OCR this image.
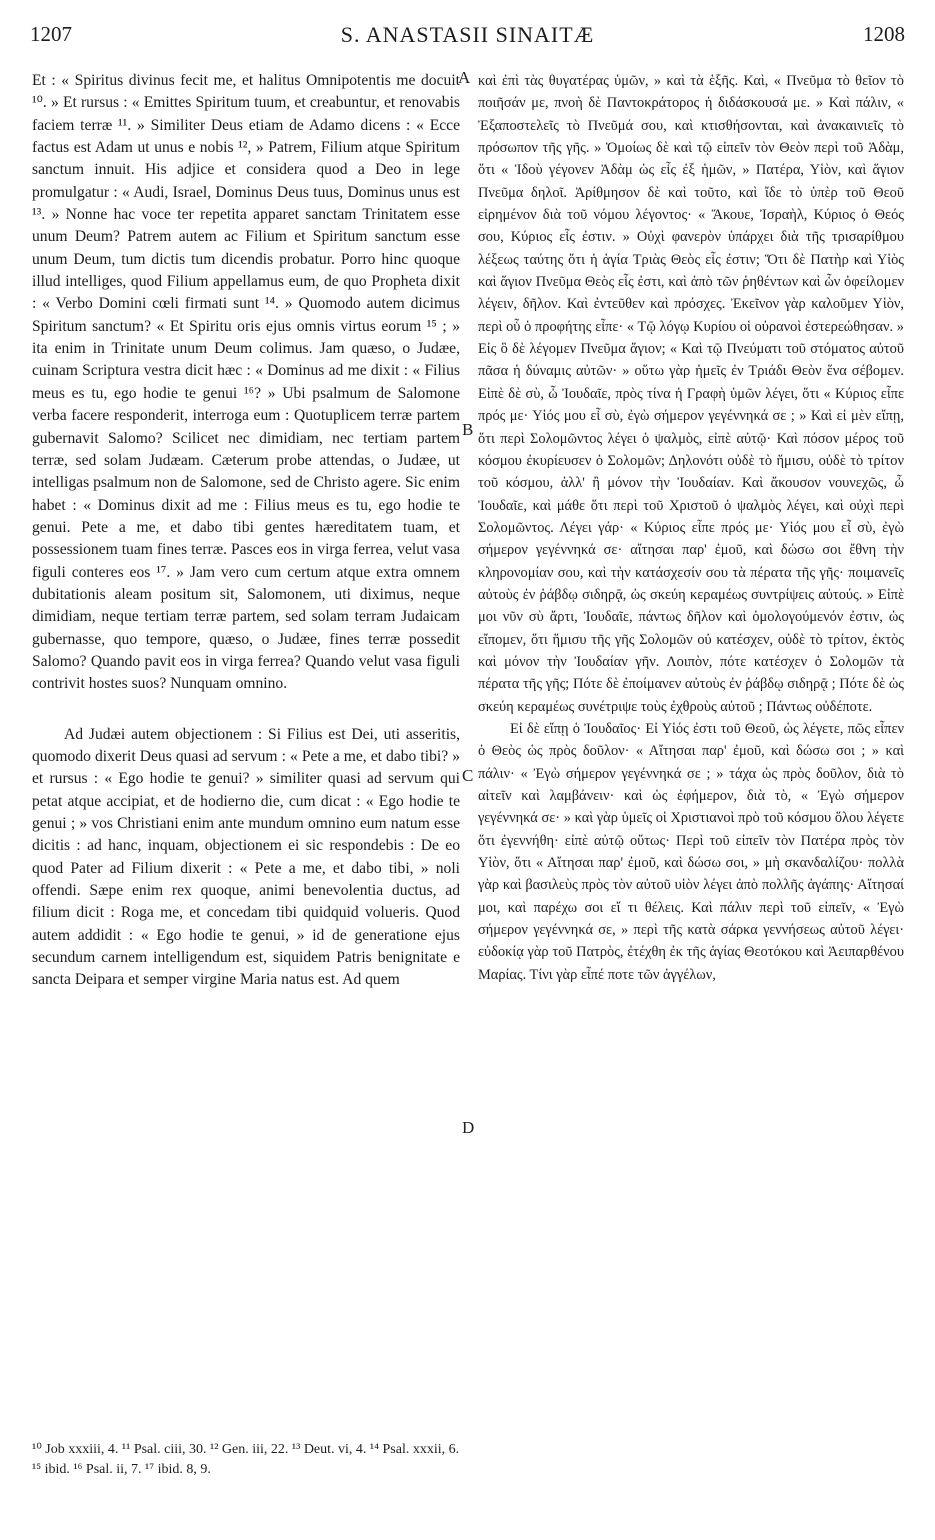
1207	S. ANASTASII SINAITÆ	1208

Et : « Spiritus divinus fecit me, et halitus Omnipotentis me docuit ¹⁰. » Et rursus : « Emittes Spiritum tuum, et creabuntur, et renovabis faciem terræ ¹¹. » Similiter Deus etiam de Adamo dicens : « Ecce factus est Adam ut unus e nobis ¹², » Patrem, Filium atque Spiritum sanctum innuit. His adjice et considera quod a Deo in lege promulgatur : « Audi, Israel, Dominus Deus tuus, Dominus unus est ¹³. » Nonne hac voce ter repetita apparet sanctam Trinitatem esse unum Deum? Patrem autem ac Filium et Spiritum sanctum esse unum Deum, tum dictis tum dicendis probatur. Porro hinc quoque illud intelliges, quod Filium appellamus eum, de quo Propheta dixit : « Verbo Domini cœli firmati sunt ¹⁴. » Quomodo autem dicimus Spiritum sanctum? « Et Spiritu oris ejus omnis virtus eorum ¹⁵ ; » ita enim in Trinitate unum Deum colimus. Jam quæso, o Judæe, cuinam Scriptura vestra dicit hæc : « Dominus ad me dixit : « Filius meus es tu, ego hodie te genui ¹⁶? » Ubi psalmum de Salomone verba facere responderit, interroga eum : Quotuplicem terræ partem gubernavit Salomo? Scilicet nec dimidiam, nec tertiam partem terræ, sed solam Judæam. Cæterum probe attendas, o Judæe, ut intelligas psalmum non de Salomone, sed de Christo agere. Sic enim habet : « Dominus dixit ad me : Filius meus es tu, ego hodie te genui. Pete a me, et dabo tibi gentes hæreditatem tuam, et possessionem tuam fines terræ. Pasces eos in virga ferrea, velut vasa figuli conteres eos ¹⁷. » Jam vero cum certum atque extra omnem dubitationis aleam positum sit, Salomonem, uti diximus, neque dimidiam, neque tertiam terræ partem, sed solam terram Judaicam gubernasse, quo tempore, quæso, o Judæe, fines terræ possedit Salomo? Quando pavit eos in virga ferrea? Quando velut vasa figuli contrivit hostes suos? Nunquam omnino.

Ad Judæi autem objectionem : Si Filius est Dei, uti asseritis, quomodo dixerit Deus quasi ad servum : « Pete a me, et dabo tibi? » et rursus : « Ego hodie te genui? » similiter quasi ad servum qui petat atque accipiat, et de hodierno die, cum dicat : « Ego hodie te genui ; » vos Christiani enim ante mundum omnino eum natum esse dicitis : ad hanc, inquam, objectionem ei sic respondebis : De eo quod Pater ad Filium dixerit : « Pete a me, et dabo tibi, » noli offendi. Sæpe enim rex quoque, animi benevolentia ductus, ad filium dicit : Roga me, et concedam tibi quidquid volueris. Quod autem addidit : « Ego hodie te genui, » id de generatione ejus secundum carnem intelligendum est, siquidem Patris benignitate e sancta Deipara et semper virgine Maria natus est. Ad quem

A
B
C
D

καὶ ἐπὶ τὰς θυγατέρας ὑμῶν, » καὶ τὰ ἑξῆς. Καὶ, « Πνεῦμα τὸ θεῖον τὸ ποιῆσάν με, πνοὴ δὲ Παντοκράτορος ἡ διδάσκουσά με. » Καὶ πάλιν, « Ἐξαποστελεῖς τὸ Πνεῦμά σου, καὶ κτισθήσονται, καὶ ἀνακαινιεῖς τὸ πρόσωπον τῆς γῆς. » Ὁμοίως δὲ καὶ τῷ εἰπεῖν τὸν Θεὸν περὶ τοῦ Ἀδὰμ, ὅτι « Ἰδοὺ γέγονεν Ἀδὰμ ὡς εἷς ἐξ ἡμῶν, » Πατέρα, Υἱὸν, καὶ ἅγιον Πνεῦμα δηλοῖ. Ἀρίθμησον δὲ καὶ τοῦτο, καὶ ἴδε τὸ ὑπὲρ τοῦ Θεοῦ εἰρημένον διὰ τοῦ νόμου λέγοντος· « Ἄκουε, Ἰσραὴλ, Κύριος ὁ Θεός σου, Κύριος εἷς ἐστιν. » Οὐχὶ φανερὸν ὑπάρχει διὰ τῆς τρισαρίθμου λέξεως ταύτης ὅτι ἡ ἁγία Τριὰς Θεὸς εἷς ἐστιν; Ὅτι δὲ Πατὴρ καὶ Υἱὸς καὶ ἅγιον Πνεῦμα Θεὸς εἷς ἐστι, καὶ ἀπὸ τῶν ῥηθέντων καὶ ὧν ὀφείλομεν λέγειν, δῆλον. Καὶ ἐντεῦθεν καὶ πρόσχες. Ἐκεῖνον γὰρ καλοῦμεν Υἱὸν, περὶ οὗ ὁ προφήτης εἶπε· « Τῷ λόγῳ Κυρίου οἱ οὐρανοὶ ἐστερεώθησαν. » Εἰς ὃ δὲ λέγομεν Πνεῦμα ἅγιον; « Καὶ τῷ Πνεύματι τοῦ στόματος αὐτοῦ πᾶσα ἡ δύναμις αὐτῶν· » οὕτω γὰρ ἡμεῖς ἐν Τριάδι Θεὸν ἕνα σέβομεν. Εἰπὲ δὲ σὺ, ὦ Ἰουδαῖε, πρὸς τίνα ἡ Γραφὴ ὑμῶν λέγει, ὅτι « Κύριος εἶπε πρός με· Υἱός μου εἶ σὺ, ἐγὼ σήμερον γεγέννηκά σε ; » Καὶ εἰ μὲν εἴπῃ, ὅτι περὶ Σολομῶντος λέγει ὁ ψαλμὸς, εἰπὲ αὐτῷ· Καὶ πόσον μέρος τοῦ κόσμου ἐκυρίευσεν ὁ Σολομῶν; Δηλονότι οὐδὲ τὸ ἥμισυ, οὐδὲ τὸ τρίτον τοῦ κόσμου, ἀλλ' ἢ μόνον τὴν Ἰουδαίαν. Καὶ ἄκουσον νουνεχῶς, ὦ Ἰουδαῖε, καὶ μάθε ὅτι περὶ τοῦ Χριστοῦ ὁ ψαλμὸς λέγει, καὶ οὐχὶ περὶ Σολομῶντος. Λέγει γάρ· « Κύριος εἶπε πρός με· Υἱός μου εἶ σὺ, ἐγὼ σήμερον γεγέννηκά σε· αἴτησαι παρ' ἐμοῦ, καὶ δώσω σοι ἔθνη τὴν κληρονομίαν σου, καὶ τὴν κατάσχεσίν σου τὰ πέρατα τῆς γῆς· ποιμανεῖς αὐτοὺς ἐν ῥάβδῳ σιδηρᾷ, ὡς σκεύη κεραμέως συντρίψεις αὐτούς. » Εἰπὲ μοι νῦν σὺ ἄρτι, Ἰουδαῖε, πάντως δῆλον καὶ ὁμολογούμενόν ἐστιν, ὡς εἴπομεν, ὅτι ἥμισυ τῆς γῆς Σολομῶν οὐ κατέσχεν, οὐδὲ τὸ τρίτον, ἐκτὸς καὶ μόνον τὴν Ἰουδαίαν γῆν. Λοιπὸν, πότε κατέσχεν ὁ Σολομῶν τὰ πέρατα τῆς γῆς; Πότε δὲ ἐποίμανεν αὐτοὺς ἐν ῥάβδῳ σιδηρᾷ ; Πότε δὲ ὡς σκεύη κεραμέως συνέτριψε τοὺς ἐχθροὺς αὐτοῦ ; Πάντως οὐδέποτε.

Εἰ δὲ εἴπῃ ὁ Ἰουδαῖος· Εἰ Υἱός ἐστι τοῦ Θεοῦ, ὡς λέγετε, πῶς εἶπεν ὁ Θεὸς ὡς πρὸς δοῦλον· « Αἴτησαι παρ' ἐμοῦ, καὶ δώσω σοι ; » καὶ πάλιν· « Ἐγὼ σήμερον γεγέννηκά σε ; » τάχα ὡς πρὸς δοῦλον, διὰ τὸ αἰτεῖν καὶ λαμβάνειν· καὶ ὡς ἐφήμερον, διὰ τὸ, « Ἐγὼ σήμερον γεγέννηκά σε· » καὶ γὰρ ὑμεῖς οἱ Χριστιανοὶ πρὸ τοῦ κόσμου ὅλου λέγετε ὅτι ἐγεννήθη· εἰπὲ αὐτῷ οὕτως· Περὶ τοῦ εἰπεῖν τὸν Πατέρα πρὸς τὸν Υἱὸν, ὅτι « Αἴτησαι παρ' ἐμοῦ, καὶ δώσω σοι, » μὴ σκανδαλίζου· πολλὰ γὰρ καὶ βασιλεὺς πρὸς τὸν αὐτοῦ υἱὸν λέγει ἀπὸ πολλῆς ἀγάπης· Αἴτησαί μοι, καὶ παρέχω σοι εἴ τι θέλεις. Καὶ πάλιν περὶ τοῦ εἰπεῖν, « Ἐγὼ σήμερον γεγέννηκά σε, » περὶ τῆς κατὰ σάρκα γεννήσεως αὐτοῦ λέγει· εὐδοκίᾳ γὰρ τοῦ Πατρὸς, ἐτέχθη ἐκ τῆς ἁγίας Θεοτόκου καὶ Ἀειπαρθένου Μαρίας. Τίνι γὰρ εἶπέ ποτε τῶν ἀγγέλων,

¹⁰ Job xxxiii, 4. ¹¹ Psal. ciii, 30. ¹² Gen. iii, 22. ¹³ Deut. vi, 4. ¹⁴ Psal. xxxii, 6. ¹⁵ ibid. ¹⁶ Psal. ii, 7. ¹⁷ ibid. 8, 9.
